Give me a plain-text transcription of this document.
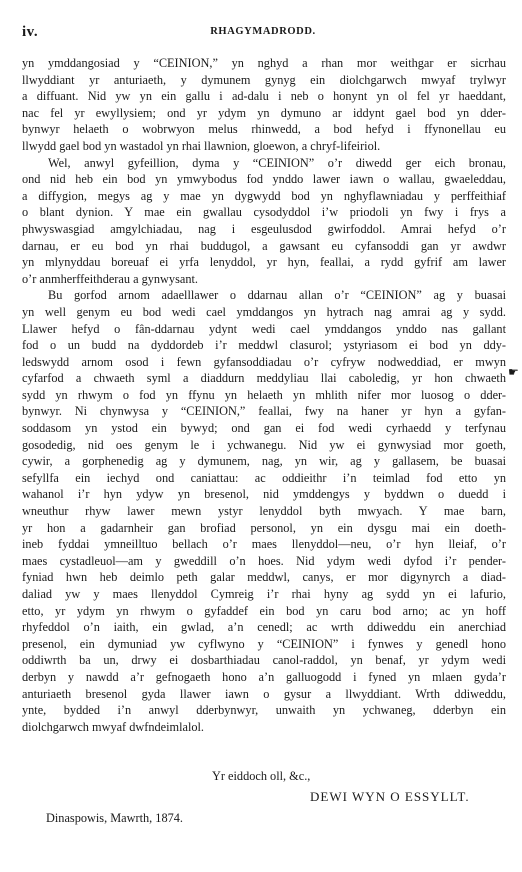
iv.	RHAGYMADRODD.
yn ymddangosiad y “CEINION,” yn nghyd a rhan mor weithgar er sicrhau
llwyddiant yr anturiaeth, y dymunem gynyg ein diolchgarwch mwyaf trylwyr
a diffuant. Nid yw yn ein gallu i ad-dalu i neb o honynt yn ol fel yr haeddant,
nac fel yr ewyllysiem; ond yr ydym yn dymuno ar iddynt gael bod yn dder-
bynwyr helaeth o wobrwyon melus rhinwedd, a bod hefyd i ffynonellau eu
llwydd gael bod yn wastadol yn rhai llawnion, gloewon, a chryf-lifeiriol.
Wel, anwyl gyfeillion, dyma y “CEINION” o’r diwedd ger eich bronau,
ond nid heb ein bod yn ymwybodus fod ynddo lawer iawn o wallau, gwaeleddau,
a diffygion, megys ag y mae yn dygwydd bod yn nghyflawniadau y perffeithiaf
o blant dynion. Y mae ein gwallau cysodyddol i’w priodoli yn fwy i frys a
phwyswasgiad amgylchiadau, nag i esgeulusdod gwirfoddol. Amrai hefyd o’r
darnau, er eu bod yn rhai buddugol, a gawsant eu cyfansoddi gan yr awdwr
yn mlynyddau boreuaf ei yrfa lenyddol, yr hyn, feallai, a rydd gyfrif am lawer
o’r anmherffeithderau a gynwysant.
Bu gorfod arnom adaelllawer o ddarnau allan o’r “CEINION” ag y buasai
yn well genym eu bod wedi cael ymddangos yn hytrach nag amrai ag y sydd.
Llawer hefyd o fân-ddarnau ydynt wedi cael ymddangos ynddo nas gallant
fod o un budd na dyddordeb i’r meddwl clasurol; ystyriasom ei bod yn ddy-
ledswydd arnom osod i fewn gyfansoddiadau o’r cyfryw nodweddiad, er mwyn
cyfarfod a chwaeth syml a diaddurn meddyliau llai caboledig, yr hon chwaeth
sydd yn rhwym o fod yn ffynu yn helaeth yn mhlith nifer mor luosog o dder-
bynwyr. Ni chynwysa y “CEINION,” feallai, fwy na haner yr hyn a gyfan-
soddasom yn ystod ein bywyd; ond gan ei fod wedi cyrhaedd y terfynau
gosodedig, nid oes genym le i ychwanegu. Nid yw ei gynwysiad mor goeth,
cywir, a gorphenedig ag y dymunem, nag, yn wir, ag y gallasem, be buasai
sefyllfa ein iechyd ond caniattau: ac oddieithr i’n teimlad fod etto yn
wahanol i’r hyn ydyw yn bresenol, nid ymddengys y byddwn o duedd i
wneuthur rhyw lawer mewn ystyr lenyddol byth mwyach. Y mae barn,
yr hon a gadarnheir gan brofiad personol, yn ein dysgu mai ein doeth-
ineb fyddai ymneilltuo bellach o’r maes llenyddol—neu, o’r hyn lleiaf, o’r
maes cystadleuol—am y gweddill o’n hoes. Nid ydym wedi dyfod i’r pender-
fyniad hwn heb deimlo peth galar meddwl, canys, er mor digynyrch a diad-
daliad yw y maes llenyddol Cymreig i’r rhai hyny ag sydd yn ei lafurio,
etto, yr ydym yn rhwym o gyfaddef ein bod yn caru bod arno; ac yn hoff
rhyfeddol o’n iaith, ein gwlad, a’n cenedl; ac wrth ddiweddu ein anerchiad
presenol, ein dymuniad yw cyflwyno y “CEINION” i fynwes y genedl hono
oddiwrth ba un, drwy ei dosbarthiadau canol-raddol, yn benaf, yr ydym wedi
derbyn y nawdd a’r gefnogaeth hono a’n galluogodd i fyned yn mlaen gyda’r
anturiaeth bresenol gyda llawer iawn o gysur a llwyddiant. Wrth ddiweddu,
ynte, bydded i’n anwyl dderbynwyr, unwaith yn ychwaneg, dderbyn ein
diolchgarwch mwyaf dwfndeimlalol.
☛
Yr eiddoch oll, &c.,
DEWI WYN O ESSYLLT.
Dinaspowis, Mawrth, 1874.
